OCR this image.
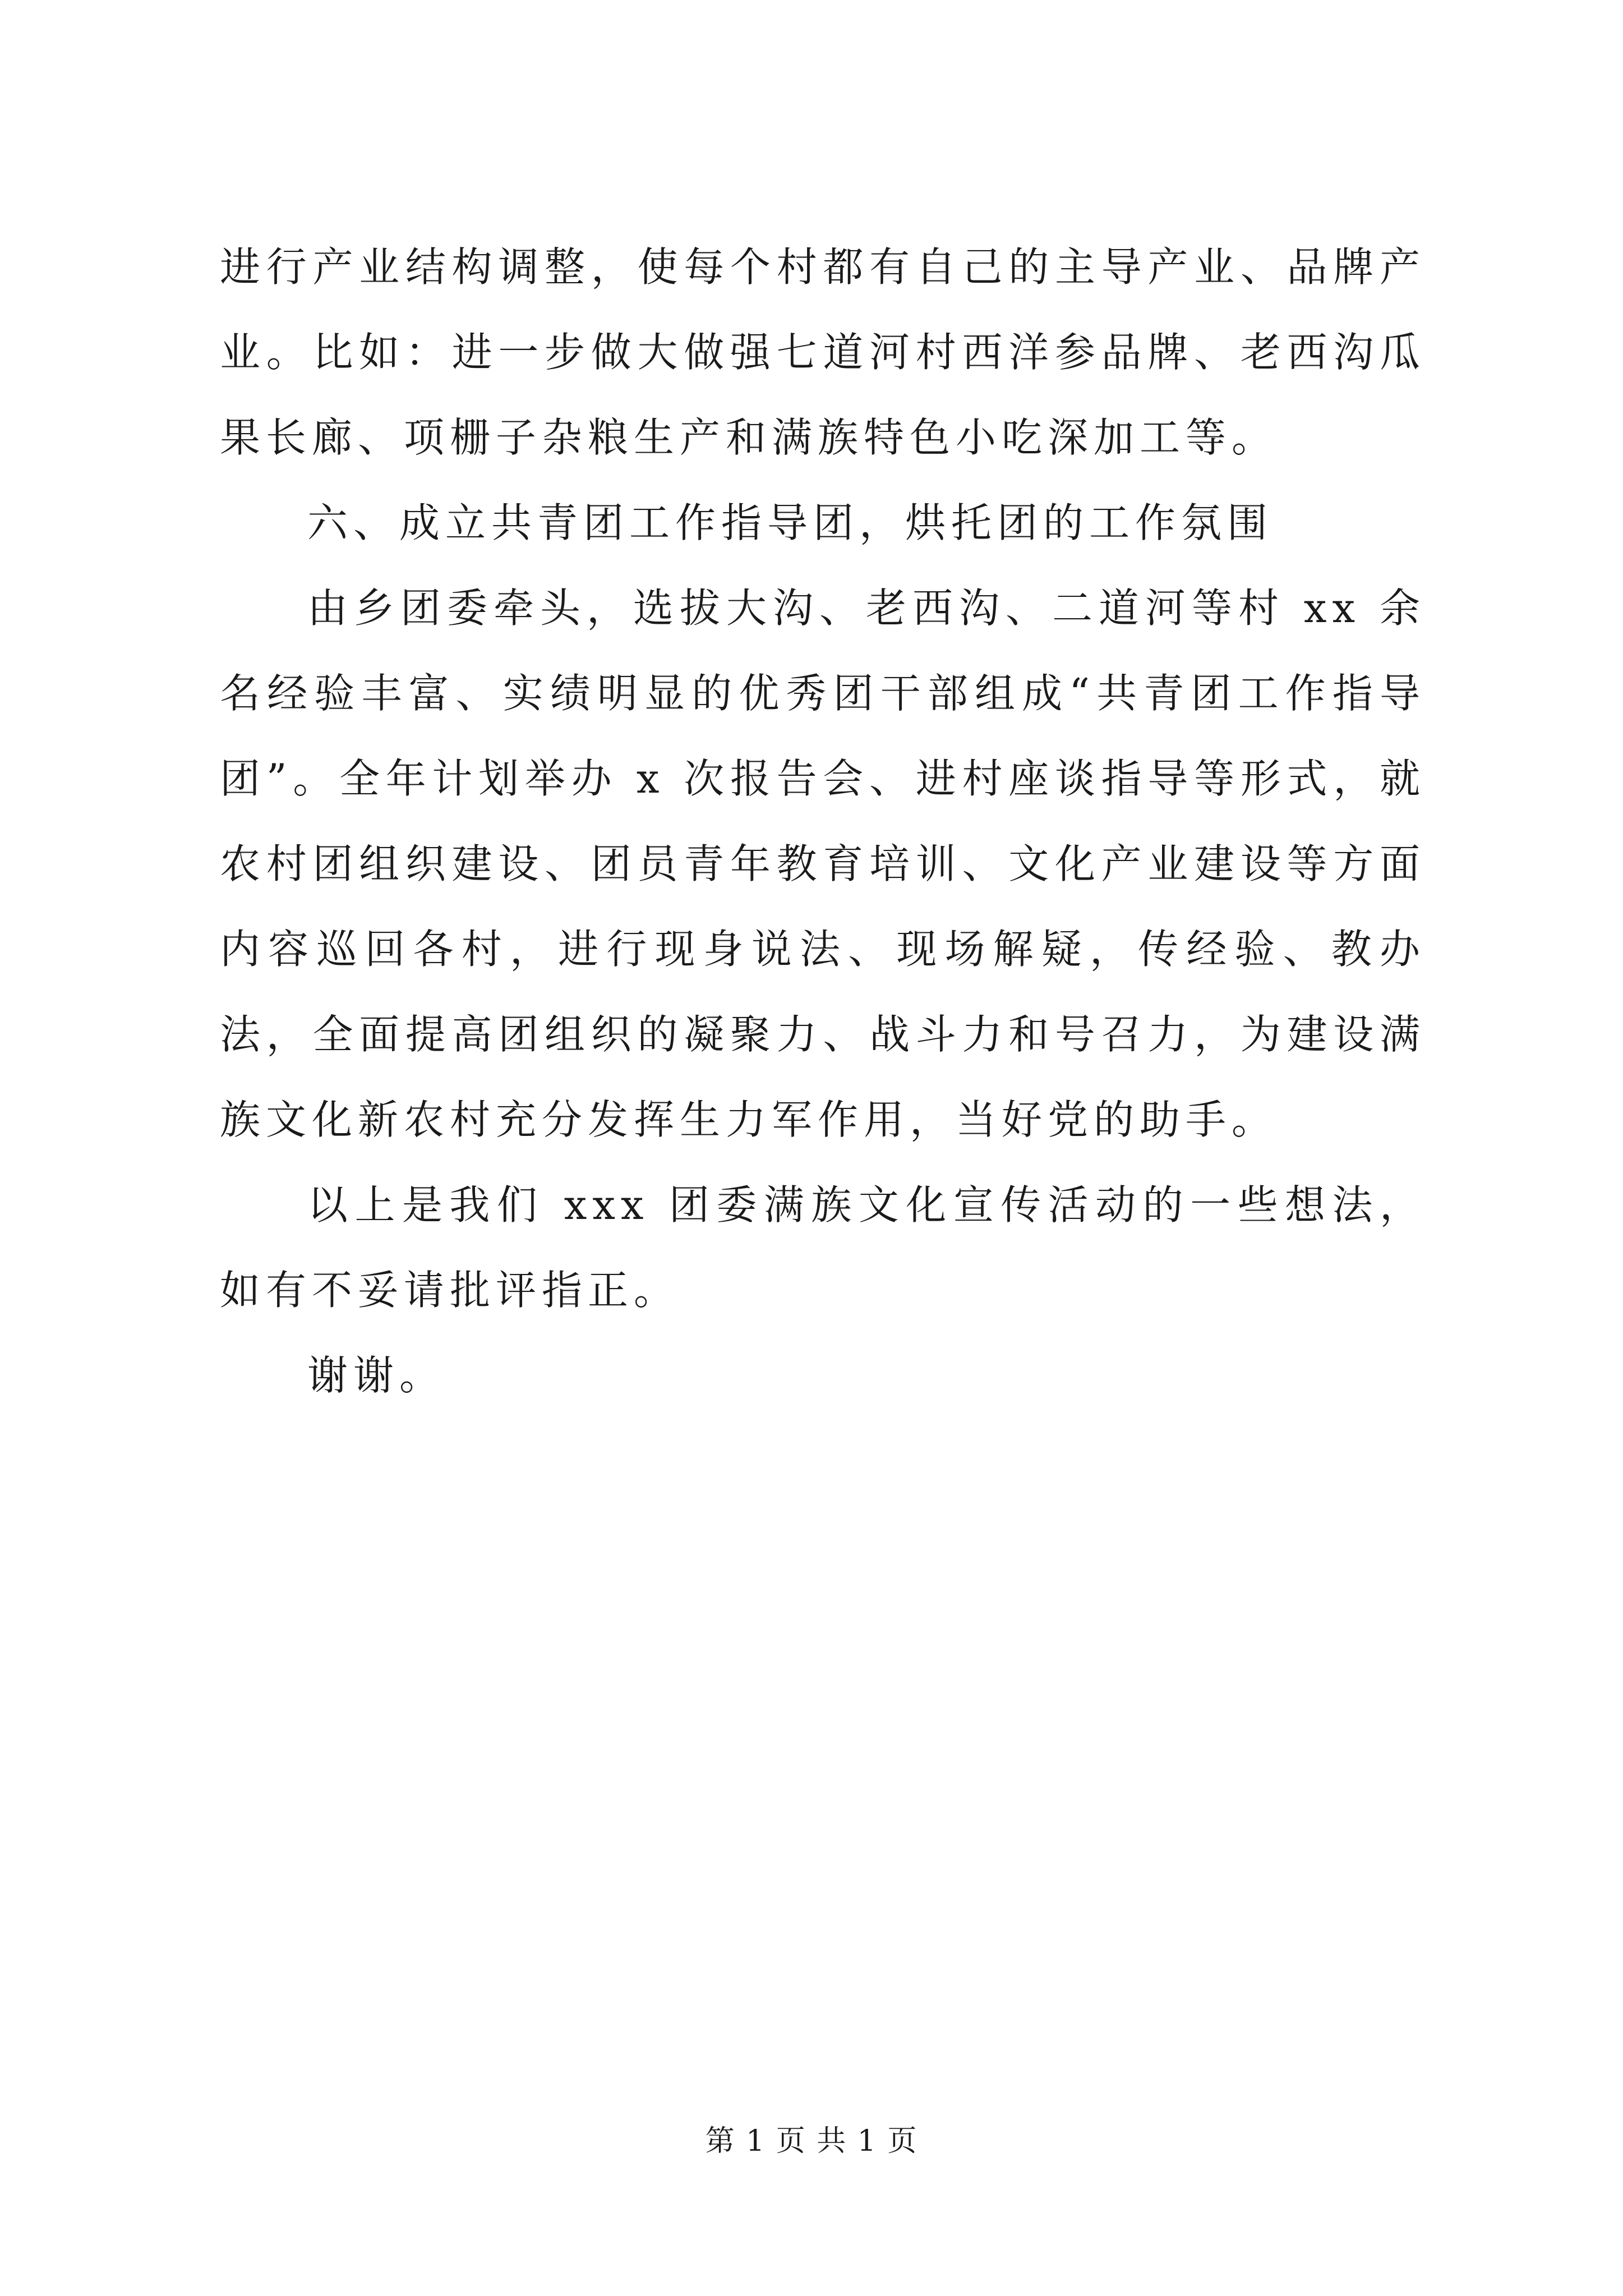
进行产业结构调整，使每个村都有自己的主导产业、品牌产业。比如：进一步做大做强七道河村西洋参品牌、老西沟瓜果长廊、项栅子杂粮生产和满族特色小吃深加工等。

六、成立共青团工作指导团，烘托团的工作氛围

由乡团委牵头，选拔大沟、老西沟、二道河等村 xx 余名经验丰富、实绩明显的优秀团干部组成“共青团工作指导团”。全年计划举办 x 次报告会、进村座谈指导等形式，就农村团组织建设、团员青年教育培训、文化产业建设等方面内容巡回各村，进行现身说法、现场解疑，传经验、教办法，全面提高团组织的凝聚力、战斗力和号召力，为建设满族文化新农村充分发挥生力军作用，当好党的助手。

以上是我们 xxx 团委满族文化宣传活动的一些想法，如有不妥请批评指正。

谢谢。

第 1 页 共 1 页
